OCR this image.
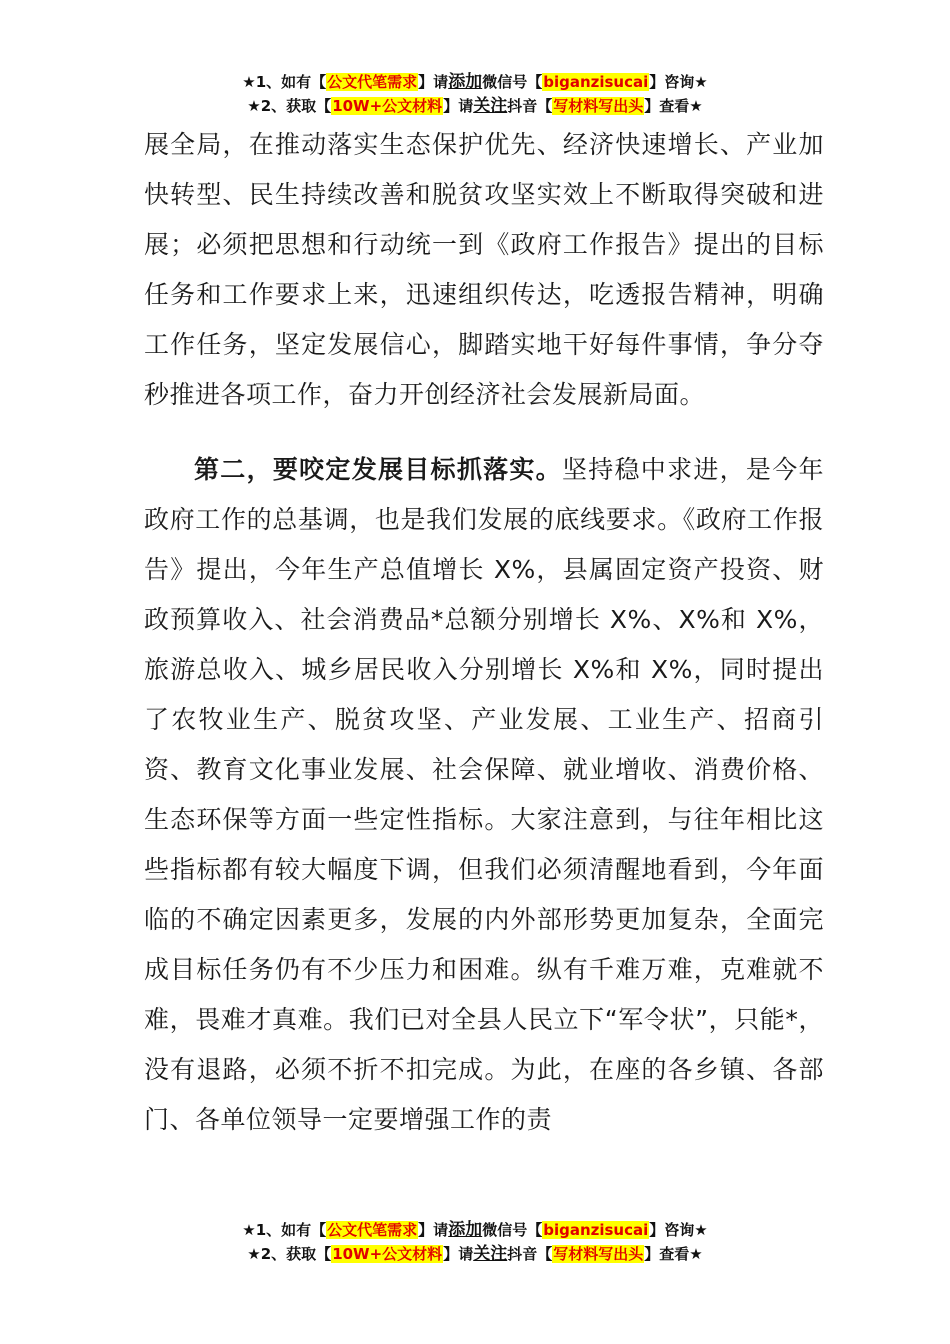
★1、如有【公文代笔需求】请添加微信号【biganzisucai】咨询★
★2、获取【10W+公文材料】请关注抖音【写材料写出头】查看★

展全局，在推动落实生态保护优先、经济快速增长、产业加快转型、民生持续改善和脱贫攻坚实效上不断取得突破和进展；必须把思想和行动统一到《政府工作报告》提出的目标任务和工作要求上来，迅速组织传达，吃透报告精神，明确工作任务，坚定发展信心，脚踏实地干好每件事情，争分夺秒推进各项工作，奋力开创经济社会发展新局面。

第二，要咬定发展目标抓落实。坚持稳中求进，是今年政府工作的总基调，也是我们发展的底线要求。《政府工作报告》提出，今年生产总值增长 X%，县属固定资产投资、财政预算收入、社会消费品*总额分别增长 X%、X%和 X%，旅游总收入、城乡居民收入分别增长 X%和 X%，同时提出了农牧业生产、脱贫攻坚、产业发展、工业生产、招商引资、教育文化事业发展、社会保障、就业增收、消费价格、生态环保等方面一些定性指标。大家注意到，与往年相比这些指标都有较大幅度下调，但我们必须清醒地看到，今年面临的不确定因素更多，发展的内外部形势更加复杂，全面完成目标任务仍有不少压力和困难。纵有千难万难，克难就不难，畏难才真难。我们已对全县人民立下“军令状”，只能*，没有退路，必须不折不扣完成。为此，在座的各乡镇、各部门、各单位领导一定要增强工作的责

★1、如有【公文代笔需求】请添加微信号【biganzisucai】咨询★
★2、获取【10W+公文材料】请关注抖音【写材料写出头】查看★
